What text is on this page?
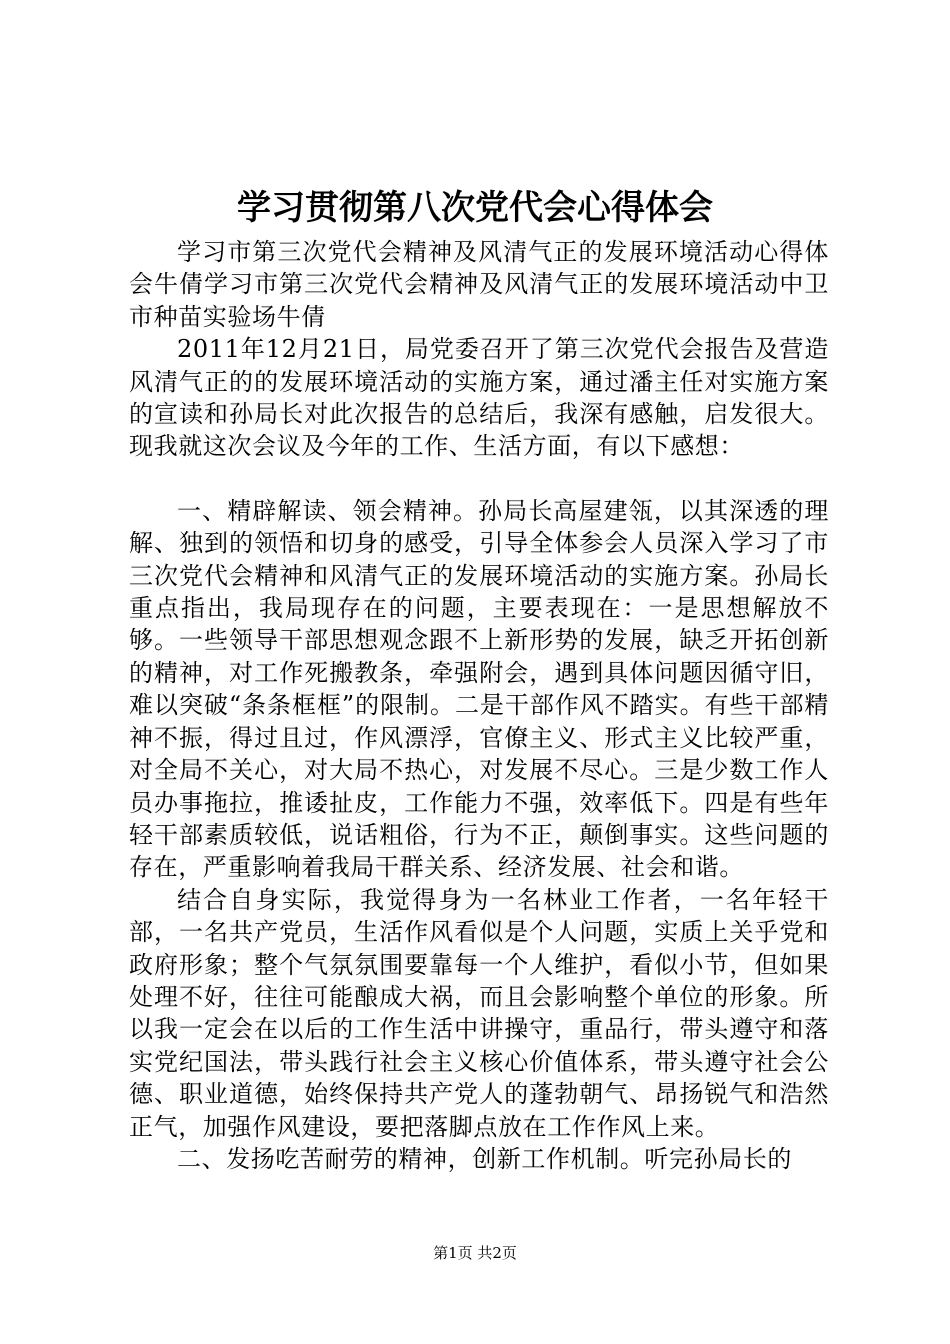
学习贯彻第八次党代会心得体会

学习市第三次党代会精神及风清气正的发展环境活动心得体会牛倩学习市第三次党代会精神及风清气正的发展环境活动中卫市种苗实验场牛倩

2011年12月21日，局党委召开了第三次党代会报告及营造风清气正的的发展环境活动的实施方案，通过潘主任对实施方案的宣读和孙局长对此次报告的总结后，我深有感触，启发很大。现我就这次会议及今年的工作、生活方面，有以下感想：

一、精辟解读、领会精神。孙局长高屋建瓴，以其深透的理解、独到的领悟和切身的感受，引导全体参会人员深入学习了市三次党代会精神和风清气正的发展环境活动的实施方案。孙局长重点指出，我局现存在的问题，主要表现在：一是思想解放不够。一些领导干部思想观念跟不上新形势的发展，缺乏开拓创新的精神，对工作死搬教条，牵强附会，遇到具体问题因循守旧，难以突破“条条框框”的限制。二是干部作风不踏实。有些干部精神不振，得过且过，作风漂浮，官僚主义、形式主义比较严重，对全局不关心，对大局不热心，对发展不尽心。三是少数工作人员办事拖拉，推诿扯皮，工作能力不强，效率低下。四是有些年轻干部素质较低，说话粗俗，行为不正，颠倒事实。这些问题的存在，严重影响着我局干群关系、经济发展、社会和谐。

结合自身实际，我觉得身为一名林业工作者，一名年轻干部，一名共产党员，生活作风看似是个人问题，实质上关乎党和政府形象；整个气氛氛围要靠每一个人维护，看似小节，但如果处理不好，往往可能酿成大祸，而且会影响整个单位的形象。所以我一定会在以后的工作生活中讲操守，重品行，带头遵守和落实党纪国法，带头践行社会主义核心价值体系，带头遵守社会公德、职业道德，始终保持共产党人的蓬勃朝气、昂扬锐气和浩然正气，加强作风建设，要把落脚点放在工作作风上来。

二、发扬吃苦耐劳的精神，创新工作机制。听完孙局长的

第1页 共2页
